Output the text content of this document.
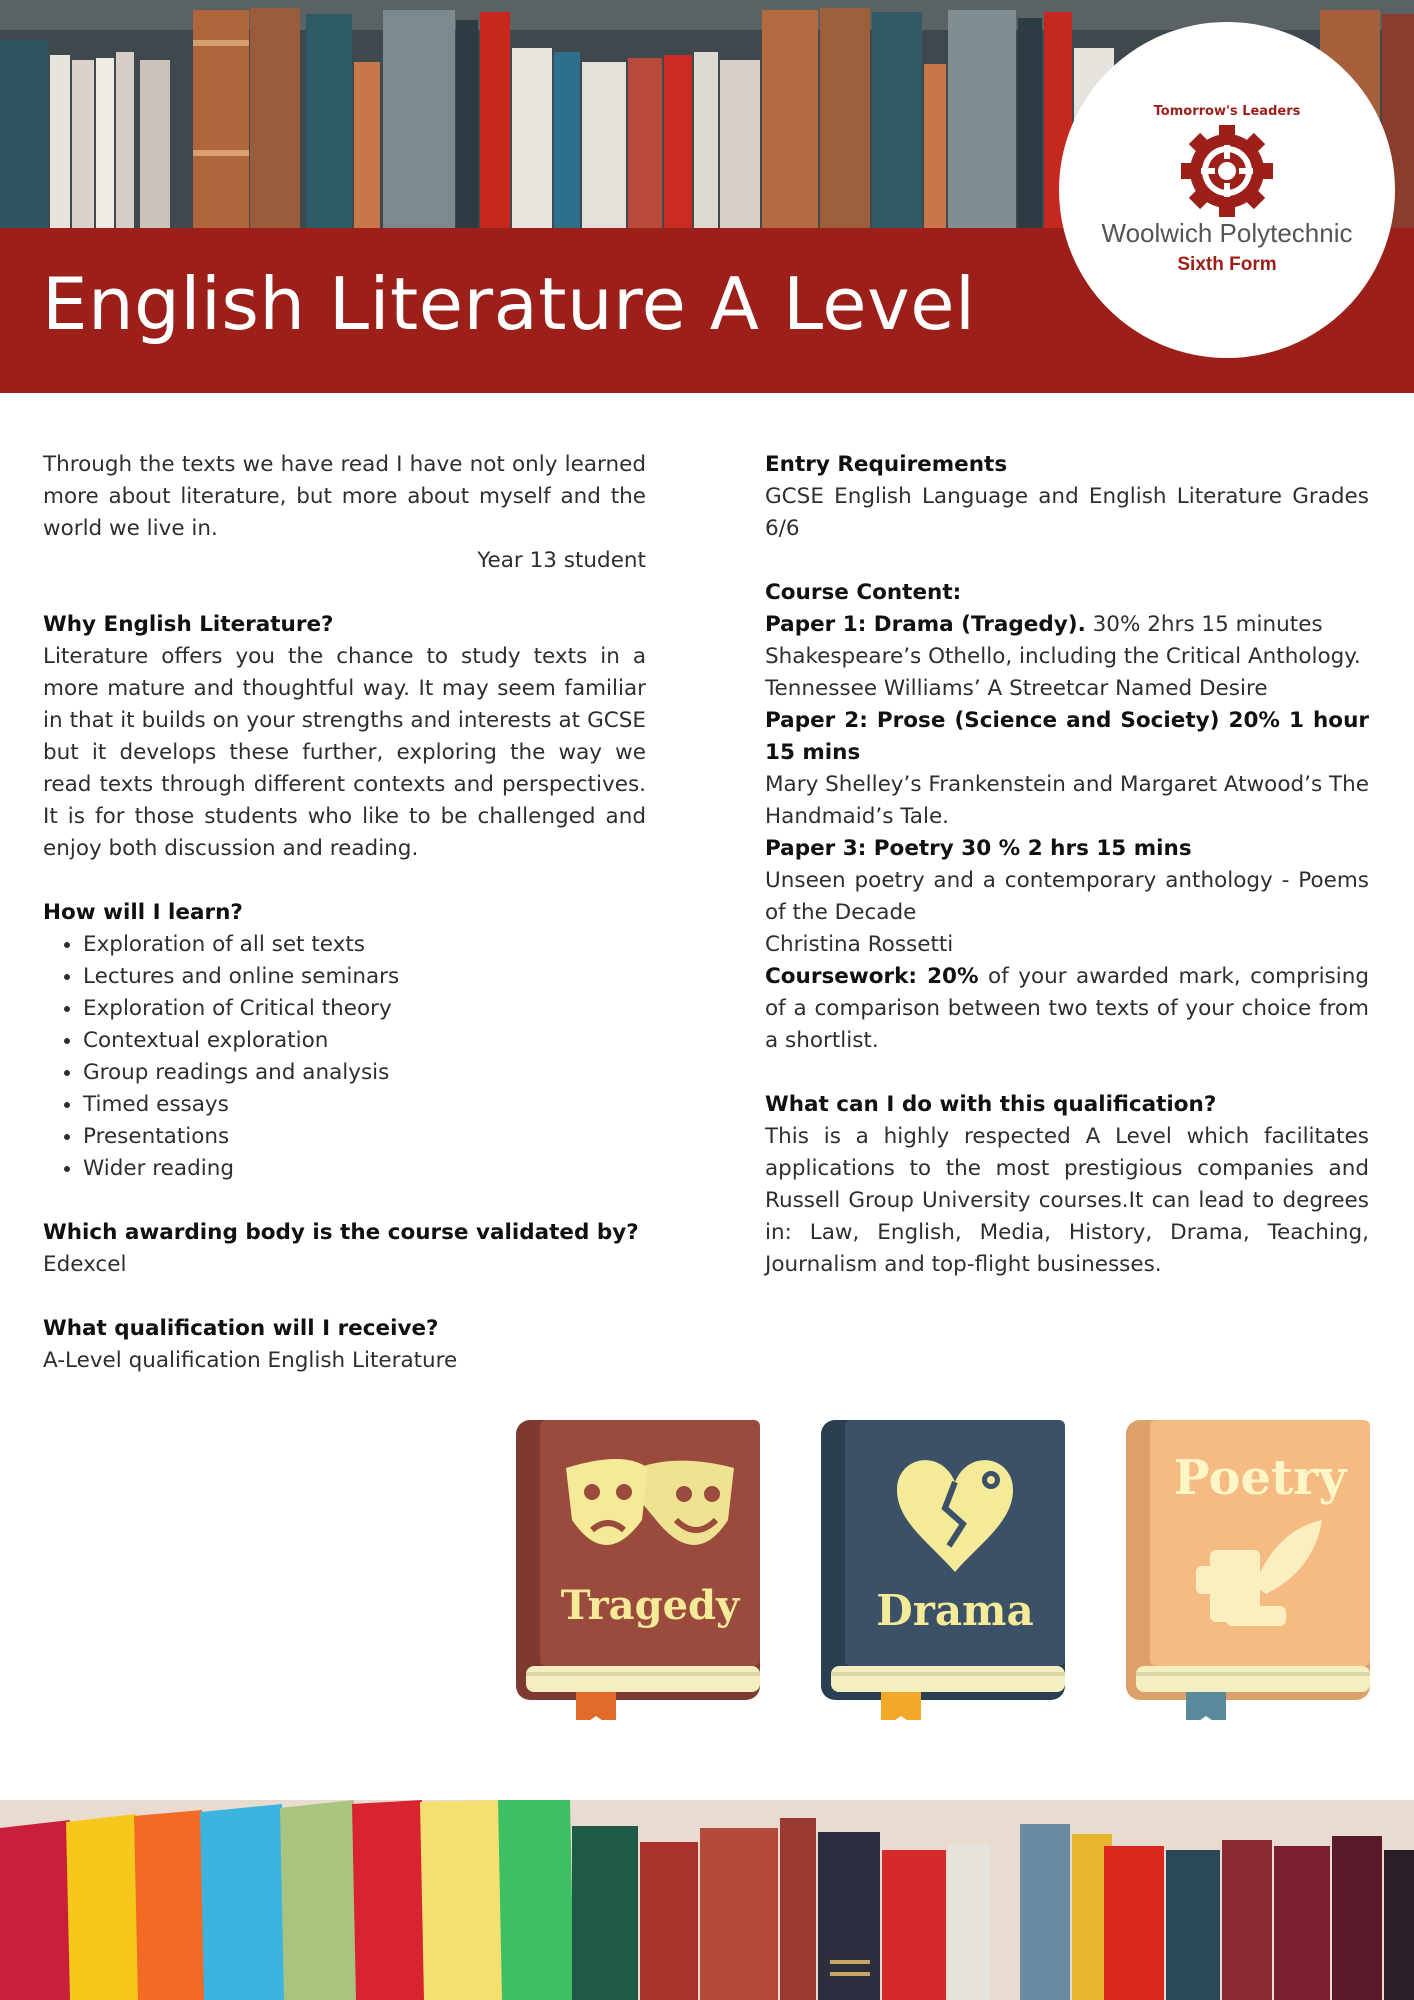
English Literature A Level
Tomorrow's Leaders
Woolwich Polytechnic
Sixth Form

Through the texts we have read I have not only learned more about literature, but more about myself and the world we live in.

Year 13 student

Why English Literature?

Literature offers you the chance to study texts in a more mature and thoughtful way. It may seem familiar in that it builds on your strengths and interests at GCSE but it develops these further, exploring the way we read texts through different contexts and perspectives. It is for those students who like to be challenged and enjoy both discussion and reading.

How will I learn?

• Exploration of all set texts
• Lectures and online seminars
• Exploration of Critical theory
• Contextual exploration
• Group readings and analysis
• Timed essays
• Presentations
• Wider reading

Which awarding body is the course validated by?

Edexcel

What qualification will I receive?

A-Level qualification English Literature

Entry Requirements

GCSE English Language and English Literature Grades 6/6

Course Content:

Paper 1: Drama (Tragedy). 30% 2hrs 15 minutes

Shakespeare’s Othello, including the Critical Anthology.

Tennessee Williams’ A Streetcar Named Desire

Paper 2: Prose (Science and Society) 20% 1 hour 15 mins

Mary Shelley’s Frankenstein and Margaret Atwood’s The Handmaid’s Tale.

Paper 3: Poetry 30 % 2 hrs 15 mins

Unseen poetry and a contemporary anthology - Poems of the Decade

Christina Rossetti

Coursework: 20% of your awarded mark, comprising of a comparison between two texts of your choice from a shortlist.

What can I do with this qualification?

This is a highly respected A Level which facilitates applications to the most prestigious companies and Russell Group University courses.It can lead to degrees in: Law, English, Media, History, Drama, Teaching, Journalism and top-flight businesses.

Tragedy	Drama
Poetry
